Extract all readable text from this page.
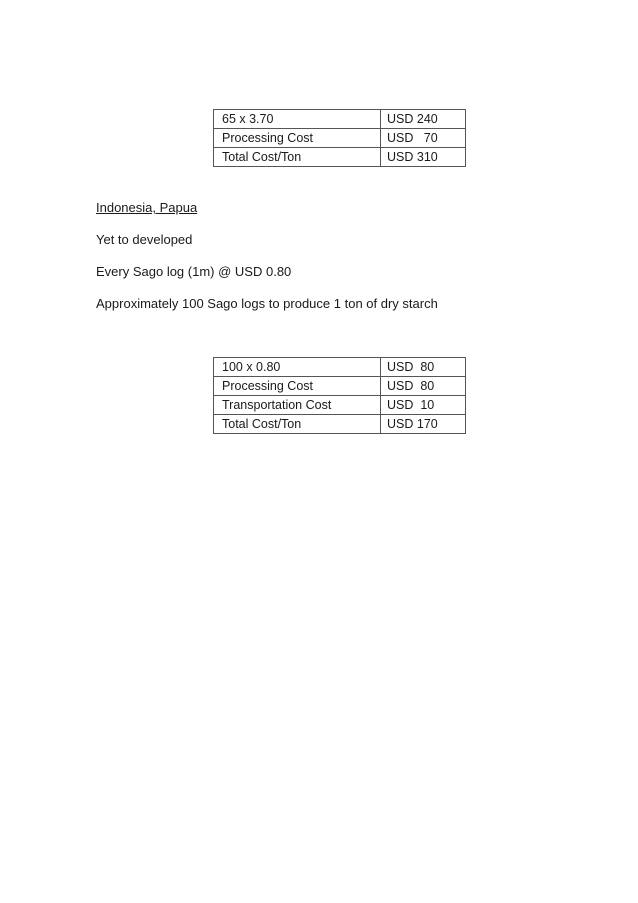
65 x 3.70	USD 240
Processing Cost	USD   70
Total Cost/Ton	USD 310

Indonesia, Papua

Yet to developed

Every Sago log (1m) @ USD 0.80

Approximately 100 Sago logs to produce 1 ton of dry starch

100 x 0.80	USD  80
Processing Cost	USD  80
Transportation Cost	USD  10
Total Cost/Ton	USD 170
